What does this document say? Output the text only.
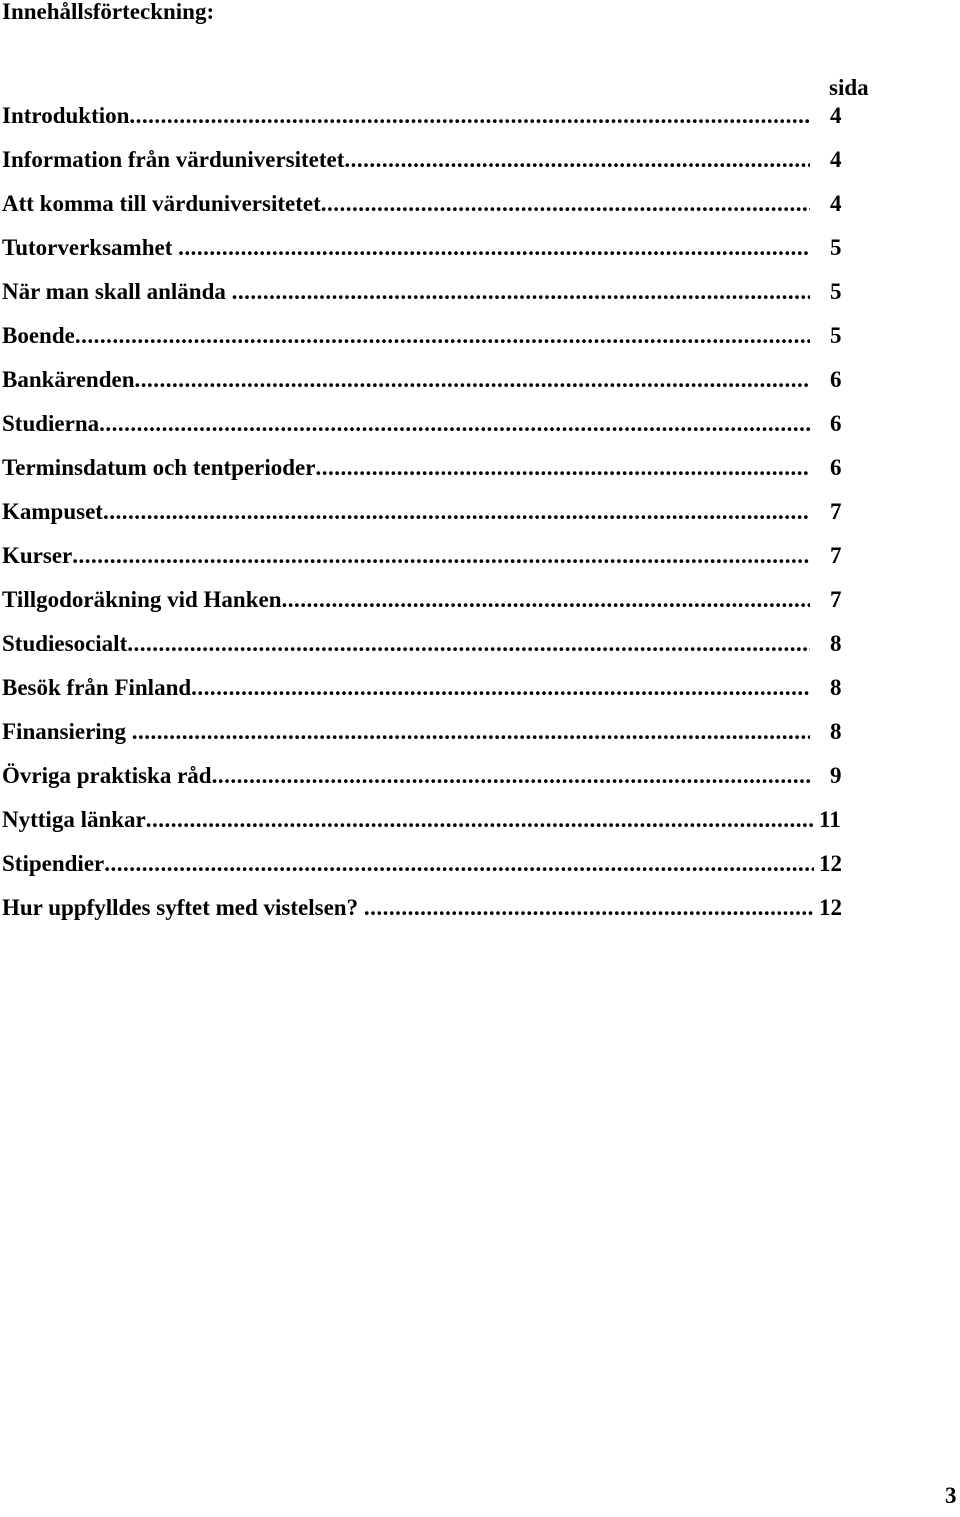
Innehållsförteckning:
sida
Introduktion .....	4
Information från värduniversitetet .....	4
Att komma till värduniversitetet .....	4
Tutorverksamhet .....	5
När man skall anlända .....	5
Boende .....	5
Bankärenden .....	6
Studierna .....	6
Terminsdatum och tentperioder .....	6
Kampuset .....	7
Kurser .....	7
Tillgodoräkning vid Hanken .....	7
Studiesocialt .....	8
Besök från Finland .....	8
Finansiering .....	8
Övriga praktiska råd .....	9
Nyttiga länkar .....	11
Stipendier .....	12
Hur uppfylldes syftet med vistelsen? .....	12
3
